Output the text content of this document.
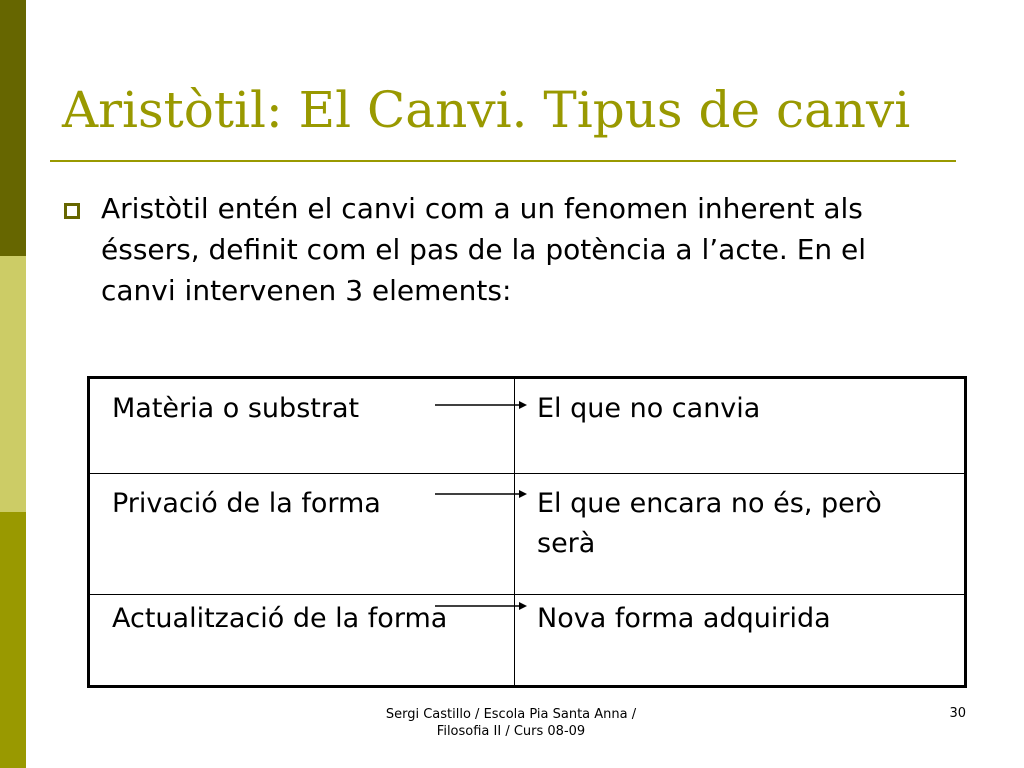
Aristòtil: El Canvi. Tipus de canvi

Aristòtil entén el canvi com a un fenomen inherent als éssers, definit com el pas de la potència a l’acte. En el canvi intervenen 3 elements:

Matèria o substrat	El que no canvia
Privació de la forma	El que encara no és, però serà
Actualització de la forma	Nova forma adquirida
Sergi Castillo / Escola Pia Santa Anna /
Filosofia II / Curs 08-09
30
